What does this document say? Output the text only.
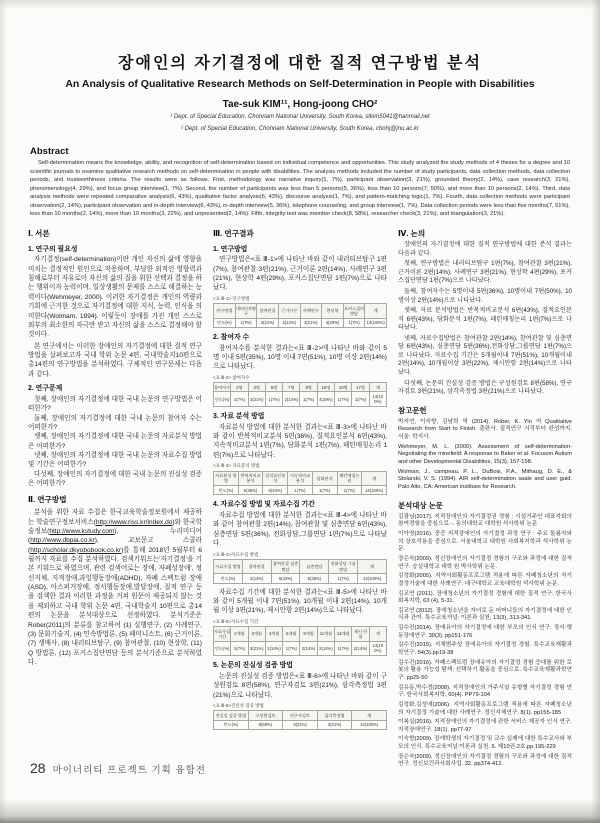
장애인의 자기결정에 대한 질적 연구방법 분석
An Analysis of Qualitative Research Methods on Self-Determination in People with Disabilities
Tae-suk KIM¹¹, Hong-joong CHO²
¹ Dept. of Special Education, Chonnam National University, South Korea, stkim5041@hanmail.net
² Dept. of Special Education, Chonnam National University, South Korea, chohj@jnu.ac.kr
Abstract

Self-determination means the knowledge, ability, and recognition of self-determination based on individual competence and opportunities. This study analyzed the study methods of 4 theses for a degree and 10 scientific journals to examine qualitative research methods on self-determination in people with disabilities. The analysis methods included the number of study participants, data collection methods, data collection periods, and trustworthiness criteria. The results were as follows. First, methodology was narrative inquiry(1, 7%), participant observation(3, 21%), grounded theory(2, 14%), case research(3, 21%), phenomenology(4, 29%), and focus group interview(1, 7%). Second, the number of participants was less than 5 persons(5, 36%), less than 10 persons(7, 50%), and more than 10 persons(2, 14%). Third, data analysis methods were repeated comparative analysis(6, 43%), qualitative factor analysis(6, 43%), discourse analysis(1, 7%), and pattern-matching logic(1, 7%). Fourth, data collection methods were participant observation(2, 14%), participant observation and in-depth interview(6, 43%), in-depth interview(5, 36%), telephone counseling, and group interview(1, 7%). Data collection periods were less than five months(7, 51%), less than 10 months(2, 14%), more than 10 months(3, 22%), and unpresented(2, 14%). Fifth, integrity test was member check(8, 58%), researcher check(3, 21%), and triangulation(3, 21%).

Ⅰ. 서론
1. 연구의 필요성

자기결정(self-determination)이란 개인 자신의 삶에 영향을 미치는 결정적인 원인으로 작용하며, 부당한 외적인 영향력과 침해로부터 자유로이 자신의 삶의 질을 위한 선택과 결정을 하는 행위이자 능력이며, 일상생활의 문제를 스스로 해결하는 능력이다(Wehmeyer, 2000). 이러한 자기결정은 개인의 역량과 기회에 근거한 것으로 자기결정에 대한 지식, 능력, 인식을 의미한다(Wolmam, 1994). 이렇듯이 장애를 가진 개인 스스로 외부의 최소한의 자극만 받고 자신의 삶을 스스로 결정해야 할 것이다.

본 연구에서는 이러한 장애인의 자기결정에 대한 질적 연구방법을 살펴보고자 국내 학위 논문 4편, 국내학술지10편으로 총14편의 연구방법을 분석하였다. 구체적인 연구문제는 다음과 같다.

2. 연구문제

첫째, 장애인의 자기결정에 대한 국내 논문의 연구방법은 어떠한가?

둘째, 장애인의 자기결정에 대한 국내 논문의 참여자 수는 어떠한가?

셋째, 장애인의 자기결정에 대한 국내 논문의 자료분석 방법은 어떠한가?

넷째, 장애인의 자기결정에 대한 국내 논문의 자료수집 방법 및 기간은 어떠한가?

다섯째, 장애인의 자기결정에 대한 국내 논문의 진실성 검증은 어떠한가?

Ⅱ. 연구방법

분석을 위한 자료 수집은 한국교육학술정보원에서 제공하는 학술연구정보서비스(http://www.riss.kr/index.do)와 한국학술정보(http://www.kstudy.com), 누리미디어(http://www.dbpia.co.kr), 교보문고 스콜라(http://scholar.dkyobobook.co.kr)를 통해 2018년 5월부터 6월까지 자료를 수집 분석하였다. 검색키워드는'자기결정'을 기본 키워드로 하였으며, 관련 검색어로는 장애, 자폐성장애', 정신지체, 지적장애,과잉행동장애(ADHD), 자폐 스펙트럼 장애(ASD), 아스퍼거장애, 정서행동장애,발달장애, 질적 연구 등을 검색한 결과 이러한 과정을 거쳐 원문이 제공되지 않는 것을 제외하고 국내 학위 논문 4편, 국내학술지 10편으로 총14편의 논문을 분석대상으로 선정하였다. 분석기준은 Rober(2011)의 분류를 참고하여 (1) 실행연구, (2) 사례연구, (3) 문화기술지, (4) 민속방법론, (5) 패미니스트, (6) 근거이론, (7) 생매사, (8) 내러티브탐구, (9) 참여관찰, (10) 현상학, (11) Q 방법론, (12) 포커스집단면담 등의 분석기준으로 분석하였다.

Ⅲ. 연구결과
1. 연구방법

연구방법은<표 Ⅲ-1>에 나타난 바와 같이 내러티브탐구 1편(7%), 참여관찰 3편(21%), 근거이론 2편(14%), 사례연구 3편(21%), 현상학 4편(29%), 포커스집단면담 1편(7%)으로 나타났다.

<표 Ⅲ-1> 연구방법
연구방법	내러티브탐구	참여관찰	근거이론	사례연구	현상학	포커스집단면담	계
빈도(%)	1(7%)	3(21%)	2(14%)	3(21%)	4(29%)	1(7%)	14(100%)
2. 참여자 수

참여자수를 분석한 결과는<표 Ⅲ-2>에 나타난 바와 같이 5명 이내 5편(35%), 10명 이내 7편(51%), 10명 이상 2편(14%)으로 나타났다.

<표 Ⅲ-2> 참여자수
참여자수	2명	3명	5명	7명	9명	10명	10명	17명	계
빈도(%)	1(7%)	3(21%)	1(7%)	2(14%)	1(7%)	4(29%)	1(7%)	1(7%)	14(100%)
3. 자료 분석 방법

자료분석 방법에 대한 분석한 결과는<표 Ⅲ-3>에 나타난 바와 같이 반복적비교분석 5편(36%), 질적요인분석 6편(43%),지속적비교분석 1편(7%), 담화분석 1편(7%), 패턴매칭논리 1편(7%)으로 나타났다.

<표 Ⅲ-3> 자료분석 방법
자료분석 방법	반복적비교 분석	질적요인분 석	지속적비교 분석	담화분석	패턴매칭논 리	계
빈도(%)	5(36%)	6(43%)	1(7%)	1(7%)	1(7%)	14(100%)
4. 자료수집 방법 및 자료수집 기간

자료수집 방법에 대한 분석한 결과는<표 Ⅲ-4>에 나타난 바와 같이 참여관찰 2편(14%), 참여관찰 및 심층면담 6편(43%), 심층면담 5편(36%), 전화상담,그룹면담 1편(7%)으로 나타났다.

<표 Ⅲ-4>자료수집 방법
자료수집 방법	참여관찰	참여관찰 심층면담	심층면담	전화상담 그룹면담	계
빈도(%)	2(14%)	6(43%)	5(36%)	1(7%)	14(100%)

자료수집 기간에 대한 분석한 결과는<표 Ⅲ-5>에 나타난 바와 같이 5개월 이내 7편(51%), 10개월 이내 2편(14%), 10개월 이상 3편(21%), 제시안함 2편(14%)으로 나타났다.

<표 Ⅲ-5>자료수집 기간
자료수집 기간	2개월	3개월	4개월	5개월	9개월	11개월	13개월	제시 안함	계
빈도(%)	1(7%)	3(21%)	2(14%)	1(7%)	2(14%)	2(14%)	1(7%)	2(14%)	14(100%)
5. 논문의 진실성 검증 방법

논문의 진실성 검증 방법은<표 Ⅲ-6>에 나타난 바와 같이 구성원검토 8편(58%), 연구자검토 3편(21%), 삼각측정법 3편(21%)으로 나타났다.

<표 Ⅲ-6>진실성 검증 방법
진실성 검증 방법	구성원검토	연구자검토	삼각측정법	계
빈도(%)	8(58%)	3(21%)	3(21%)	14(100%)
Ⅳ. 논의

장애인의 자기결정에 대한 질적 연구방법에 대한 분석 결과는 다음과 같다.

첫째, 연구방법은 내러티브탐구 1편(7%), 참여관찰 3편(21%), 근거이론 2편(14%), 사례연구 3편(21%), 현상학 4편(29%), 포커스집단면담 1편(7%)으로 나타났다.

둘째, 참여자수는 5명이내 5편(36%), 10명이내 7편(50%), 10명이상 2편(14%)으로 나타났다.

셋째, 자료 분석방법은 반복적비교분석 6편(43%), 질적요인분석 6편(43%), 담화분석 1편(7%), 패턴매칭논리 1편(7%)으로 나타났다.

넷째, 자료수집방법은 참여관찰 2편(14%), 참여관찰 및 심층면담 6편(43%), 심층면담 5편(36%),전화상담,그룹면담 1편(7%)으로 나타났다. 자료수집 기간은 5개월이내 7편(51%), 10개월이내 2편(14%), 10개월이상 3편(22%), 제시안함 2편(14%)으로 나타났다.

다섯째, 논문의 진실성 검증 방법은 구성원검토 8편(58%), 연구자검토 3편(21%), 삼각측정법 3편(21%)으로 나타났다.

참고문헌

박지연, 이숙향, 김남희 역 (2014). Rober, K. Yin 저 Qualitative Research from Start to Finish. 출판사. 질적연구 시작부터 완성까지. 서울: 학지사.

Wehmeyer, M. L. (2000). Assessment of self-determination-Negotiating the minefield: A response to Baker et al. Focuson Autism and other Developmental Disabilities, 15(3), 157-158.

Wolman, J., campeau, P. L., DuBois, P.A., Mithaug, D. E., & Stolarski, V. S. (1994). AIR self-determination saale and user guid. Palo Alto, CA: American institues for Research.

분석대상 논문

김광님(2017). 지적장애인의 자기결정권 경험 : 시설거주인 대표자회의 참여경험을 중심으로 -. 동의대학교 대학원 석사학위 논문

이아영(2016). 중증 지적장애인의 자기결정 과정 연구 : 주요 돌봄자와의 상호작용을 중심으로. 서울대학교 대학원 사회복지학과 석사학위 논문.

장은숙(2009). 정신장애인의 자기결정 경험의 구조와 과정에 대한 질적연구. 숭실대학교 대학 원 박사학위 논문.

김정화(2005). 지역사회활동프로그램 적용에 따른 자폐청소년의 자기결정기술에 대한 사례연구. 대구대학교 교육대학원 석사학위 논문.

김교연 (2011). 장애청소년의 자기결정 경험에 대한 질적 연구. 한국사회복지학, 63 (4), 5-31.

김교연 (2012). 장애청소년을 자녀로 둔 어머니들의 자기결정에 대한 인식과 관여. 특수교육저널: 이론과 실천, 13(3), 313-341.

김수진(2014). 장애유아의 자기결정에 대한 부모의 인식 연구. 정서·행동장애연구. 30(3). pp151-176

김수진(2015). 지체범주성 장애유아의 자기결정 경험. 특수교육재활과학연구. 54(3).pp19-38

김수진(2016). 자폐스펙트럼 장애유아의 자기결정 경험 증대를 위한 로봇의 활용 가능성 탐색: 선택하기 활동을 중심으로. 특수교육재활과학연구. pp25-50

김유동,박수경(2008). 지적장애인의 거주시설 유형별 자기결정 경험 연구. 한국사회복지학, 60(4). PP79-104

김정화,김성애(2006). 지역사회활동프로그램 적용에 따른 자폐청소년의 자기결정 기술에 대한 사례연구. 정신지체연구. 8(1). pp155-185

이복실(2016). 지적장애인의 자기결정에 관한 서비스 제공자 인식 연구. 지적장애연구. 18(1). pp77-97

이숙향(2009). 장애학생의 자기결정 및 교수 실제에 대한 특수교사와 부모의 인식. 특수교육저널:이론과 실천. 6. 제10권.2호.pp 195-229

장은숙(2009). 정신장애인의 자기결정 경험의 구조와 과정에 대한 질적연구. 정신보건과사회사업. 32. pp374-412.

28 마이너리티 프로젝트 기획 융합전
